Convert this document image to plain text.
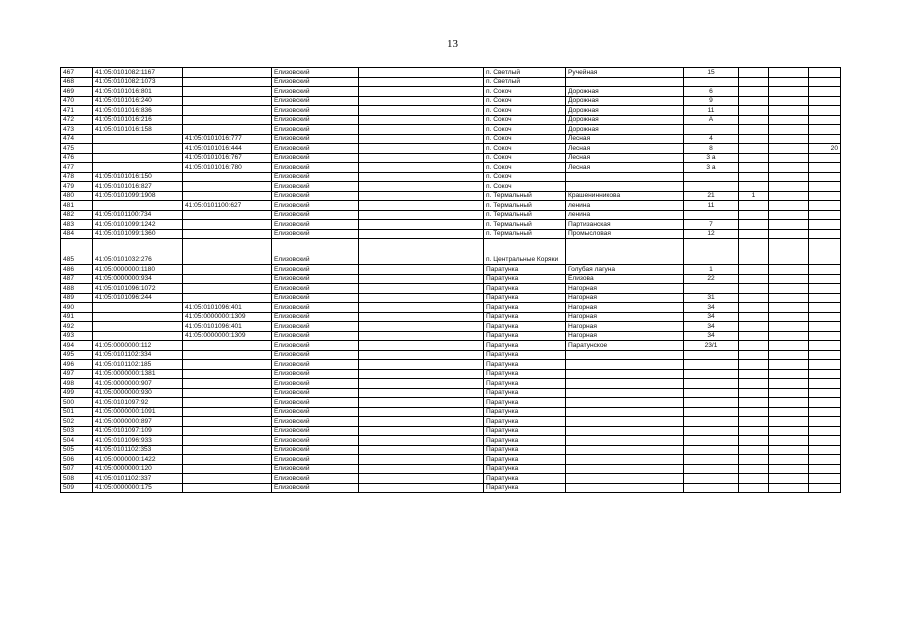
13
467	41:05:0101082:1167		Елизовский		п. Светлый	Ручейная	15			
468	41:05:0101082:1073		Елизовский		п. Светлый					
469	41:05:0101016:801		Елизовский		п. Сокоч	Дорожная	6			
470	41:05:0101016:240		Елизовский		п. Сокоч	Дорожная	9			
471	41:05:0101016:836		Елизовский		п. Сокоч	Дорожная	11			
472	41:05:0101016:216		Елизовский		п. Сокоч	Дорожная	А			
473	41:05:0101016:158		Елизовский		п. Сокоч	Дорожная				
474		41:05:0101016:777	Елизовский		п. Сокоч	Лесная	4			
475		41:05:0101016:444	Елизовский		п. Сокоч	Лесная	8			20
476		41:05:0101016:767	Елизовский		п. Сокоч	Лесная	3 а			
477		41:05:0101016:780	Елизовский		п. Сокоч	Лесная	3 а			
478	41:05:0101016:150		Елизовский		п. Сокоч					
479	41:05:0101016:827		Елизовский		п. Сокоч					
480	41:05:0101099:1908		Елизовский		п. Термальный	Крашенинникова	21	1		
481		41:05:0101100:627	Елизовский		п. Термальный	ленина	11			
482	41:05:0101100:734		Елизовский		п. Термальный	ленина				
483	41:05:0101099:1242		Елизовский		п. Термальный	Партизанская	7			
484	41:05:0101099:1360		Елизовский		п. Термальный	Промысловая	12			
485	41:05:0101032:276		Елизовский		п. Центральные Коряки					
486	41:05:0000000:1180		Елизовский		Паратунка	Голубая лагуна	1			
487	41:05:0000000:934		Елизовский		Паратунка	Елизова	22			
488	41:05:0101096:1072		Елизовский		Паратунка	Нагорная				
489	41:05:0101096:244		Елизовский		Паратунка	Нагорная	31			
490		41:05:0101096:401	Елизовский		Паратунка	Нагорная	34			
491		41:05:0000000:1309	Елизовский		Паратунка	Нагорная	34			
492		41:05:0101096:401	Елизовский		Паратунка	Нагорная	34			
493		41:05:0000000:1309	Елизовский		Паратунка	Нагорная	34			
494	41:05:0000000:112		Елизовский		Паратунка	Паратунское	23/1			
495	41:05:0101102:334		Елизовский		Паратунка					
496	41:05:0101102:185		Елизовский		Паратунка					
497	41:05:0000000:1381		Елизовский		Паратунка					
498	41:05:0000000:907		Елизовский		Паратунка					
499	41:05:0000000:930		Елизовский		Паратунка					
500	41:05:0101097:92		Елизовский		Паратунка					
501	41:05:0000000:1091		Елизовский		Паратунка					
502	41:05:0000000:897		Елизовский		Паратунка					
503	41:05:0101097:109		Елизовский		Паратунка					
504	41:05:0101096:933		Елизовский		Паратунка					
505	41:05:0101102:353		Елизовский		Паратунка					
506	41:05:0000000:1422		Елизовский		Паратунка					
507	41:05:0000000:120		Елизовский		Паратунка					
508	41:05:0101102:337		Елизовский		Паратунка					
509	41:05:0000000:175		Елизовский		Паратунка					
